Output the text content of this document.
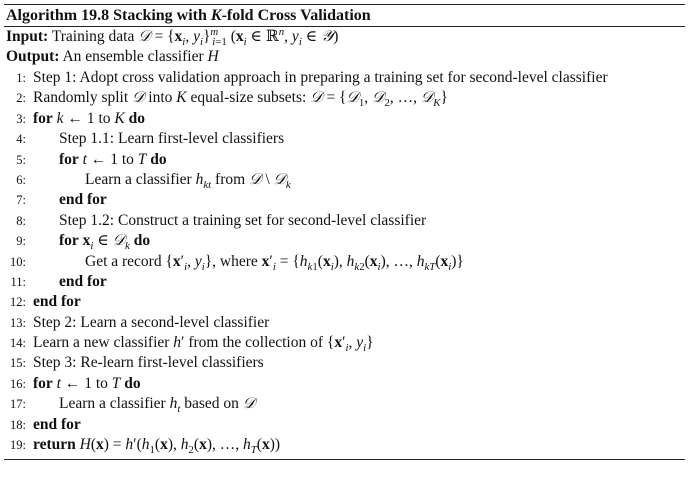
Algorithm 19.8 Stacking with K-fold Cross Validation
Input: Training data 𝒟 = {$x_i$, $y_i\}^m_{i=1}$ ($x_i$ ∈ ℝ$^n$, $y_i$ ∈ 𝒴)
Output: An ensemble classifier H
1: Step 1: Adopt cross validation approach in preparing a training set for second-level classifier
2: Randomly split 𝒟 into K equal-size subsets: 𝒟 = {𝒟$_1$, 𝒟$_2$, …, 𝒟$_K$}
3: for k ← 1 to K do
4: Step 1.1: Learn first-level classifiers
5: for t ← 1 to T do
6:	Learn a classifier $h_{kt}$ from 𝒟 \ 𝒟$_k$
7: end for
8: Step 1.2: Construct a training set for second-level classifier
9: for $x_i$ ∈ 𝒟$_k$ do
10:	Get a record {$x'_i$, $y_i$}, where $x'_i = \{h_{k1}(x_i)$, $h_{k2}(x_i)$, …, $h_{kT}(x_i)$}
11: end for
12: end for
13: Step 2: Learn a second-level classifier
14: Learn a new classifier h′ from the collection of {$x'_i$, $y_i$}
15: Step 3: Re-learn first-level classifiers
16: for t ← 1 to T do
17: Learn a classifier $h_t$ based on 𝒟
18: end for
19: return $H(x) = h'(h_1(x)$, $h_2(x)$, …, $h_T(x)$)
